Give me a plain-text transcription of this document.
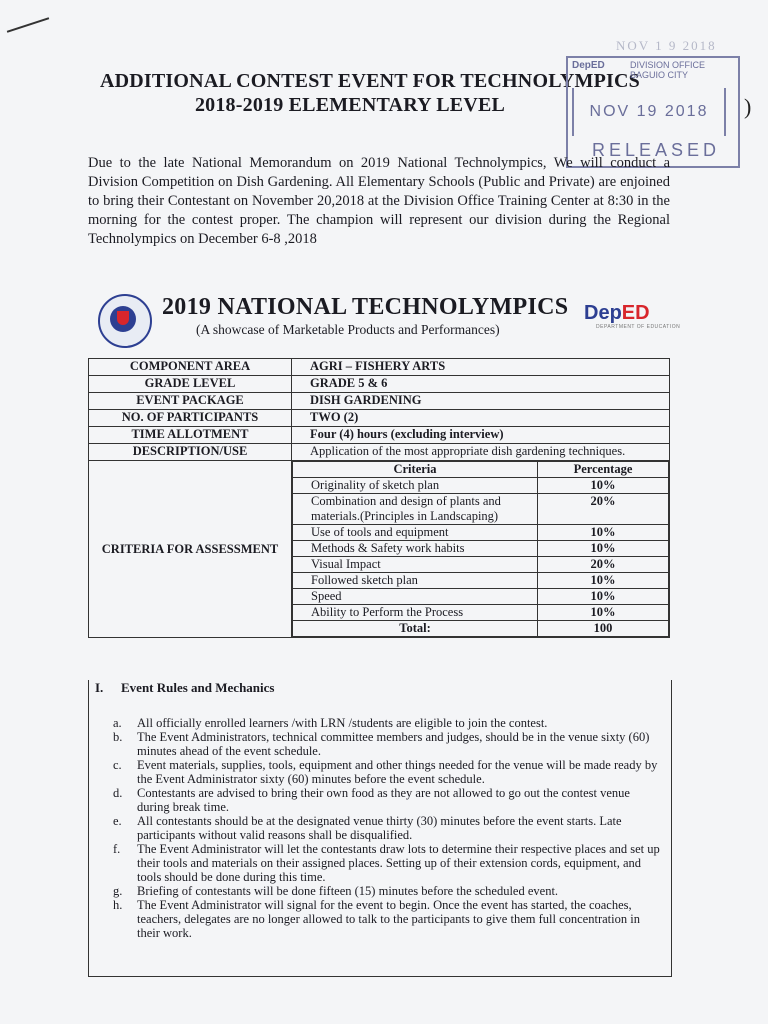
NOV 1 9 2018
ADDITIONAL CONTEST EVENT FOR TECHNOLYMPICS
2018-2019 ELEMENTARY LEVEL
DepED	DIVISION OFFICE
BAGUIO CITY
NOV 19 2018
RELEASED
)

Due to the late National Memorandum on 2019 National Technolympics, We will conduct a Division Competition on Dish Gardening. All Elementary Schools (Public and Private) are enjoined to bring their Contestant on November 20,2018 at the Division Office Training Center at 8:30 in the morning for the contest proper. The champion will represent our division during the Regional Technolympics on December 6-8 ,2018

2019 NATIONAL TECHNOLYMPICS
(A showcase of Marketable Products and Performances)
DepED
DEPARTMENT OF EDUCATION
COMPONENT AREA	AGRI – FISHERY ARTS
GRADE LEVEL	GRADE 5 & 6
EVENT PACKAGE	DISH GARDENING
NO. OF PARTICIPANTS	TWO (2)
TIME ALLOTMENT	Four (4) hours (excluding interview)
DESCRIPTION/USE	Application of the most appropriate dish gardening techniques.
CRITERIA FOR ASSESSMENT	
Criteria	Percentage
Originality of sketch plan	10%
Combination and design of plants and materials.(Principles in Landscaping)	20%
Use of tools and equipment	10%
Methods & Safety work habits	10%
Visual Impact	20%
Followed sketch plan	10%
Speed	10%
Ability to Perform the Process	10%
Total:	100
I. Event Rules and Mechanics
a. All officially enrolled learners /with LRN /students are eligible to join the contest.
b. The Event Administrators, technical committee members and judges, should be in the venue sixty (60) minutes ahead of the event schedule.
c. Event materials, supplies, tools, equipment and other things needed for the venue will be made ready by the Event Administrator sixty (60) minutes before the event schedule.
d. Contestants are advised to bring their own food as they are not allowed to go out the contest venue during break time.
e. All contestants should be at the designated venue thirty (30) minutes before the event starts. Late participants without valid reasons shall be disqualified.
f. The Event Administrator will let the contestants draw lots to determine their respective places and set up their tools and materials on their assigned places. Setting up of their extension cords, equipment, and tools should be done during this time.
g. Briefing of contestants will be done fifteen (15) minutes before the scheduled event.
h. The Event Administrator will signal for the event to begin. Once the event has started, the coaches, teachers, delegates are no longer allowed to talk to the participants to give them full concentration in their work.
